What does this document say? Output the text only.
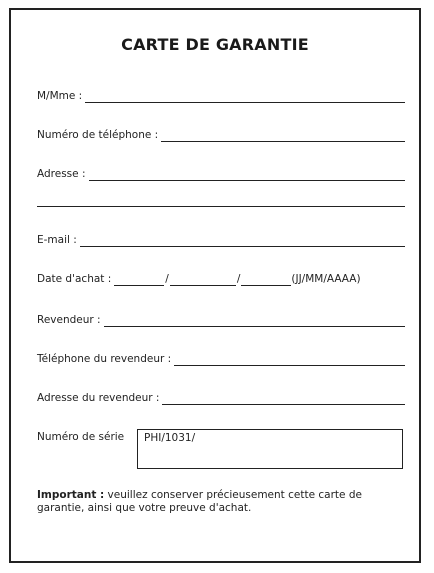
CARTE DE GARANTIE
M/Mme :
Numéro de téléphone :
Adresse :
E-mail :
Date d'achat :	/	/	(JJ/MM/AAAA)
Revendeur :
Téléphone du revendeur :
Adresse du revendeur :
Numéro de série	PHI/1031/
Important : veuillez conserver précieusement cette carte de garantie, ainsi que votre preuve d'achat.
